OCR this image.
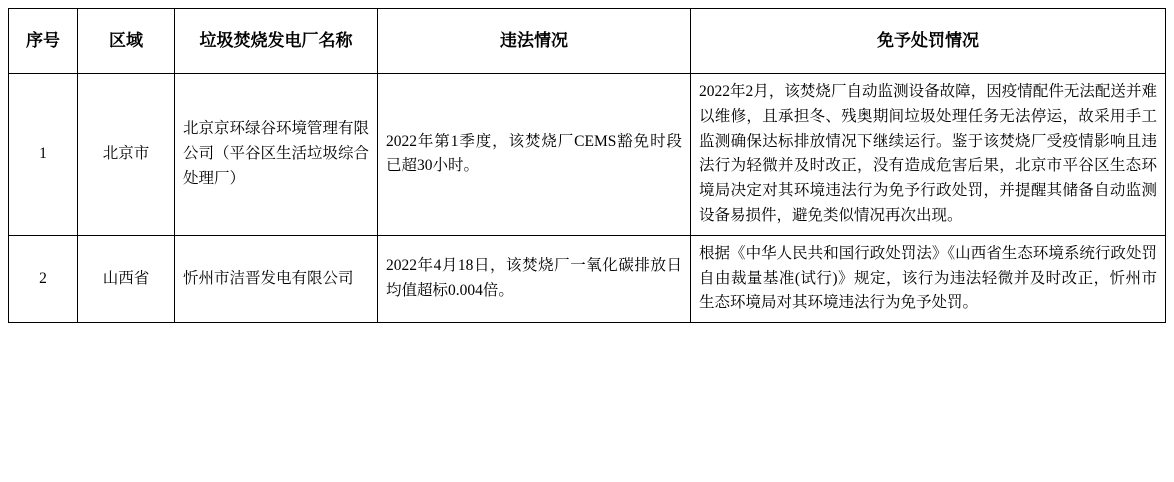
序号	区域	垃圾焚烧发电厂名称	违法情况	免予处罚情况

1	北京市	北京京环绿谷环境管理有限公司（平谷区生活垃圾综合处理厂）	2022年第1季度，该焚烧厂CEMS豁免时段已超30小时。	2022年2月，该焚烧厂自动监测设备故障，因疫情配件无法配送并难以维修，且承担冬、残奥期间垃圾处理任务无法停运，故采用手工监测确保达标排放情况下继续运行。鉴于该焚烧厂受疫情影响且违法行为轻微并及时改正，没有造成危害后果，北京市平谷区生态环境局决定对其环境违法行为免予行政处罚，并提醒其储备自动监测设备易损件，避免类似情况再次出现。

2	山西省	忻州市洁晋发电有限公司	2022年4月18日，该焚烧厂一氧化碳排放日均值超标0.004倍。	根据《中华人民共和国行政处罚法》《山西省生态环境系统行政处罚自由裁量基准(试行)》规定，该行为违法轻微并及时改正，忻州市生态环境局对其环境违法行为免予处罚。
